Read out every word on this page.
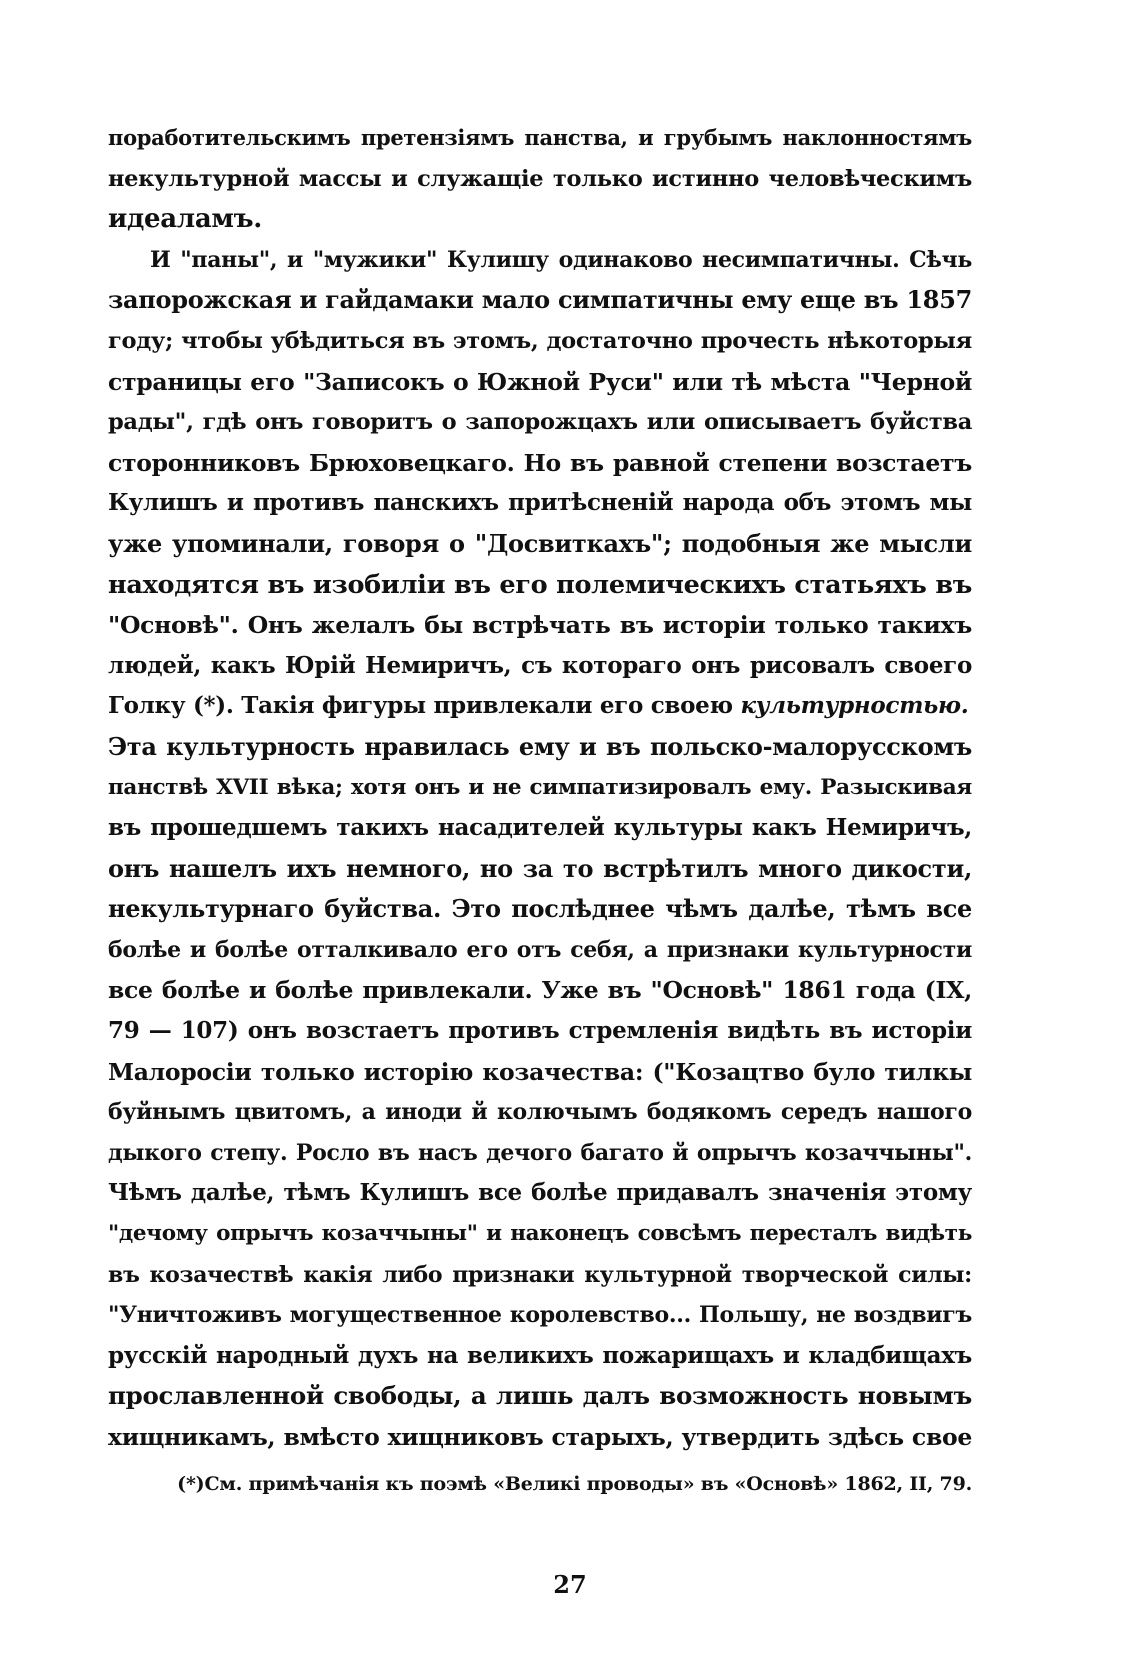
поработительскимъ претензіямъ панства, и грубымъ наклонностямъ
некультурной массы и служащіе только истинно человѣческимъ
идеаламъ.
И "паны", и "мужики" Кулишу одинаково несимпатичны. Сѣчь
запорожская и гайдамаки мало симпатичны ему еще въ 1857
году; чтобы убѣдиться въ этомъ, достаточно прочесть нѣкоторыя
страницы его "Записокъ о Южной Руси" или тѣ мѣста "Черной
рады", гдѣ онъ говоритъ о запорожцахъ или описываетъ буйства
сторонниковъ Брюховецкаго. Но въ равной степени возстаетъ
Кулишъ и противъ панскихъ притѣсненій народа объ этомъ мы
уже упоминали, говоря о "Досвиткахъ"; подобныя же мысли
находятся въ изобиліи въ его полемическихъ статьяхъ въ
"Основѣ". Онъ желалъ бы встрѣчать въ исторіи только такихъ
людей, какъ Юрій Немиричъ, съ котораго онъ рисовалъ своего
Голку (*). Такія фигуры привлекали его своею культурностью.
Эта культурность нравилась ему и въ польско-малорусскомъ
панствѣ XVII вѣка; хотя онъ и не симпатизировалъ ему. Разыскивая
въ прошедшемъ такихъ насадителей культуры какъ Немиричъ,
онъ нашелъ ихъ немного, но за то встрѣтилъ много дикости,
некультурнаго буйства. Это послѣднее чѣмъ далѣе, тѣмъ все
болѣе и болѣе отталкивало его отъ себя, а признаки культурности
все болѣе и болѣе привлекали. Уже въ "Основѣ" 1861 года (IX,
79 — 107) онъ возстаетъ противъ стремленія видѣть въ исторіи
Малоросіи только исторію козачества: ("Козацтво було тилкы
буйнымъ цвитомъ, а иноди й колючымъ бодякомъ середъ нашого
дыкого степу. Росло въ насъ дечого багато й опрычъ козаччыны".
Чѣмъ далѣе, тѣмъ Кулишъ все болѣе придавалъ значенія этому
"дечому опрычъ козаччыны" и наконецъ совсѣмъ пересталъ видѣть
въ козачествѣ какія либо признаки культурной творческой силы:
"Уничтоживъ могущественное королевство... Польшу, не воздвигъ
русскій народный духъ на великихъ пожарищахъ и кладбищахъ
прославленной свободы, а лишь далъ возможность новымъ
хищникамъ, вмѣсто хищниковъ старыхъ, утвердить здѣсь свое
(*)См. примѣчанія къ поэмѣ «Великі проводы» въ «Основѣ» 1862, II, 79.
27
